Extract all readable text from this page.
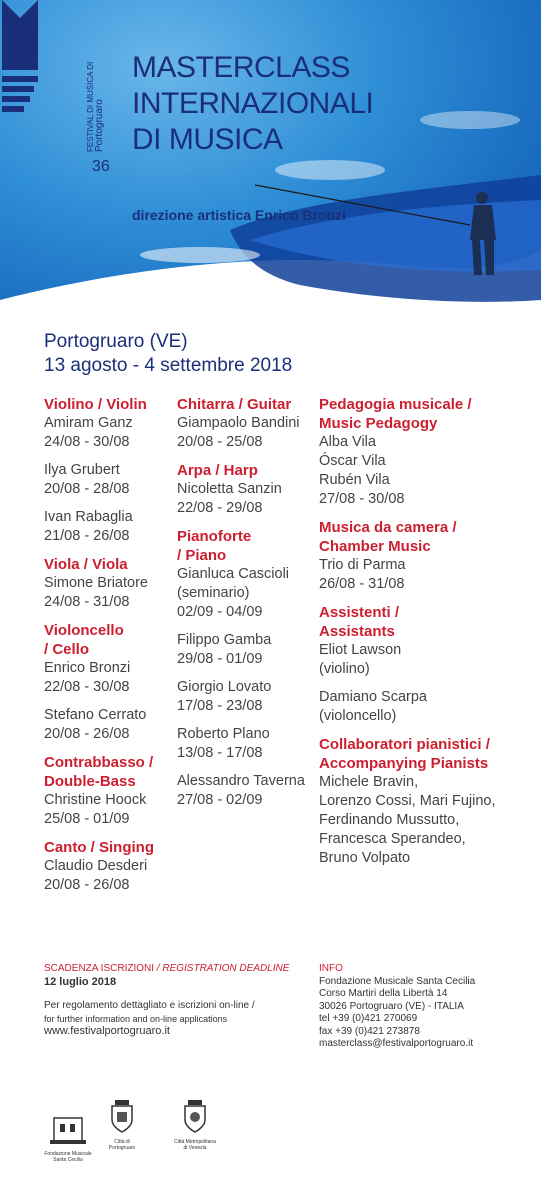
FESTIVAL DI MUSICA DI Portogruaro
36
MASTERCLASS
INTERNAZIONALI
DI MUSICA
direzione artistica Enrico Bronzi
Portogruaro (VE)
13 agosto - 4 settembre 2018
Violino / Violin
Amiram Ganz
24/08 - 30/08
Ilya Grubert
20/08 - 28/08
Ivan Rabaglia
21/08 - 26/08
Viola / Viola
Simone Briatore
24/08 - 31/08
Violoncello
/ Cello
Enrico Bronzi
22/08 - 30/08
Stefano Cerrato
20/08 - 26/08
Contrabbasso /
Double-Bass
Christine Hoock
25/08 - 01/09
Canto / Singing
Claudio Desderi
20/08 - 26/08
Chitarra / Guitar
Giampaolo Bandini
20/08 - 25/08
Arpa / Harp
Nicoletta Sanzin
22/08 - 29/08
Pianoforte
/ Piano
Gianluca Cascioli
(seminario)
02/09 - 04/09
Filippo Gamba
29/08 - 01/09
Giorgio Lovato
17/08 - 23/08
Roberto Plano
13/08 - 17/08
Alessandro Taverna
27/08 - 02/09
Pedagogia musicale /
Music Pedagogy
Alba Vila
Óscar Vila
Rubén Vila
27/08 - 30/08
Musica da camera /
Chamber Music
Trio di Parma
26/08 - 31/08
Assistenti /
Assistants
Eliot Lawson
(violino)
Damiano Scarpa
(violoncello)
Collaboratori pianistici /
Accompanying Pianists
Michele Bravin,
Lorenzo Cossi, Mari Fujino,
Ferdinando Mussutto,
Francesca Sperandeo,
Bruno Volpato
SCADENZA ISCRIZIONI / REGISTRATION DEADLINE
12 luglio 2018
Per regolamento dettagliato e iscrizioni on-line /
for further information and on-line applications
www.festivalportogruaro.it
INFO
Fondazione Musicale Santa Cecilia
Corso Martiri della Libertà 14
30026 Portogruaro (VE) - ITALIA
tel +39 (0)421 270069
fax +39 (0)421 273878
masterclass@festivalportogruaro.it
Fondazione Musicale Santa Cecilia
Città di
Portogruaro
Città Metropolitana
di Venezia
